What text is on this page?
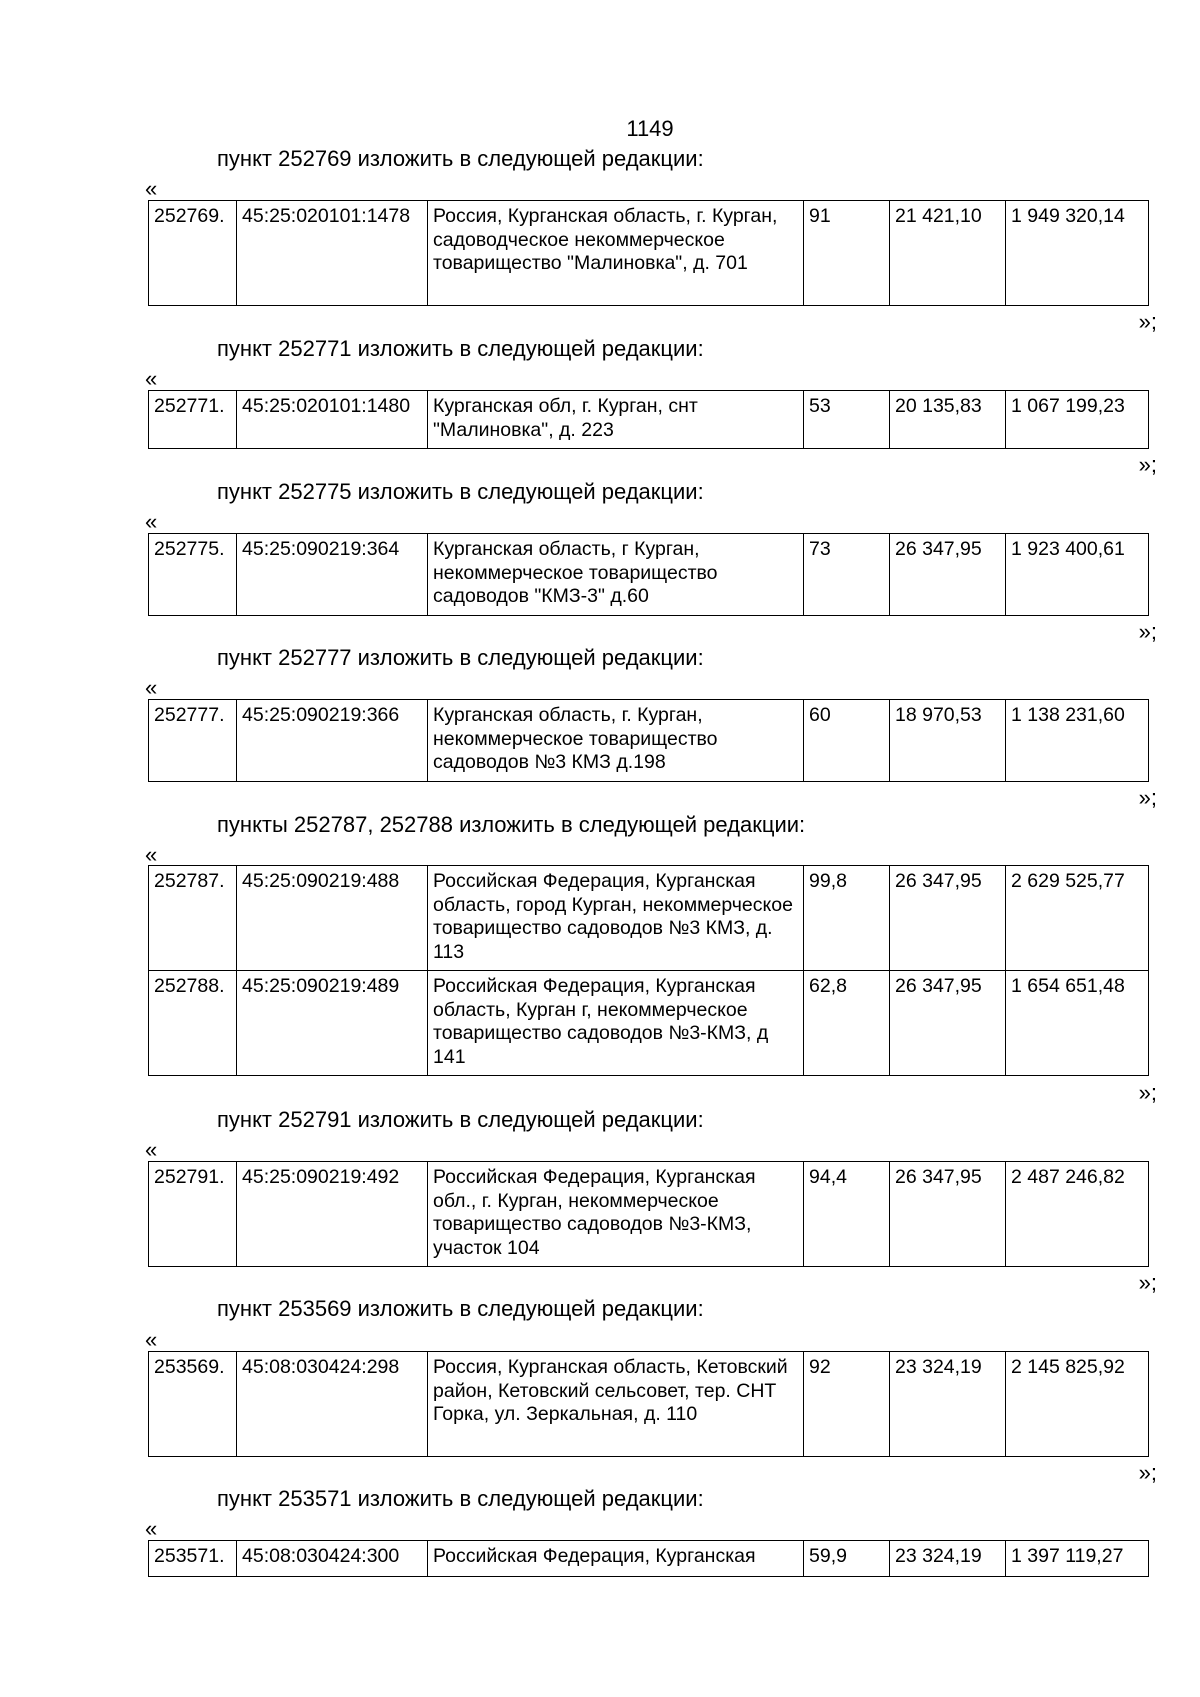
1149
пункт 252769 изложить в следующей редакции:
«
252769.	45:25:020101:1478	Россия, Курганская область, г. Курган, садоводческое некоммерческое товарищество "Малиновка", д. 701	91	21 421,10	1 949 320,14
»;
пункт 252771 изложить в следующей редакции:
«
252771.	45:25:020101:1480	Курганская обл, г. Курган, снт "Малиновка", д. 223	53	20 135,83	1 067 199,23
»;
пункт 252775 изложить в следующей редакции:
«
252775.	45:25:090219:364	Курганская область, г Курган, некоммерческое товарищество садоводов "КМЗ-3" д.60	73	26 347,95	1 923 400,61
»;
пункт 252777 изложить в следующей редакции:
«
252777.	45:25:090219:366	Курганская область, г. Курган, некоммерческое товарищество садоводов №3 КМЗ д.198	60	18 970,53	1 138 231,60
»;
пункты 252787, 252788 изложить в следующей редакции:
«
252787.	45:25:090219:488	Российская Федерация, Курганская область, город Курган, некоммерческое товарищество садоводов №3 КМЗ, д. 113	99,8	26 347,95	2 629 525,77
252788.	45:25:090219:489	Российская Федерация, Курганская область, Курган г, некоммерческое товарищество садоводов №3-КМЗ, д 141	62,8	26 347,95	1 654 651,48
»;
пункт 252791 изложить в следующей редакции:
«
252791.	45:25:090219:492	Российская Федерация, Курганская обл., г. Курган, некоммерческое товарищество садоводов №3-КМЗ, участок 104	94,4	26 347,95	2 487 246,82
»;
пункт 253569 изложить в следующей редакции:
«
253569.	45:08:030424:298	Россия, Курганская область, Кетовский район, Кетовский сельсовет, тер. СНТ Горка, ул. Зеркальная, д. 110	92	23 324,19	2 145 825,92
»;
пункт 253571 изложить в следующей редакции:
«
253571.	45:08:030424:300	Российская Федерация, Курганская	59,9	23 324,19	1 397 119,27
